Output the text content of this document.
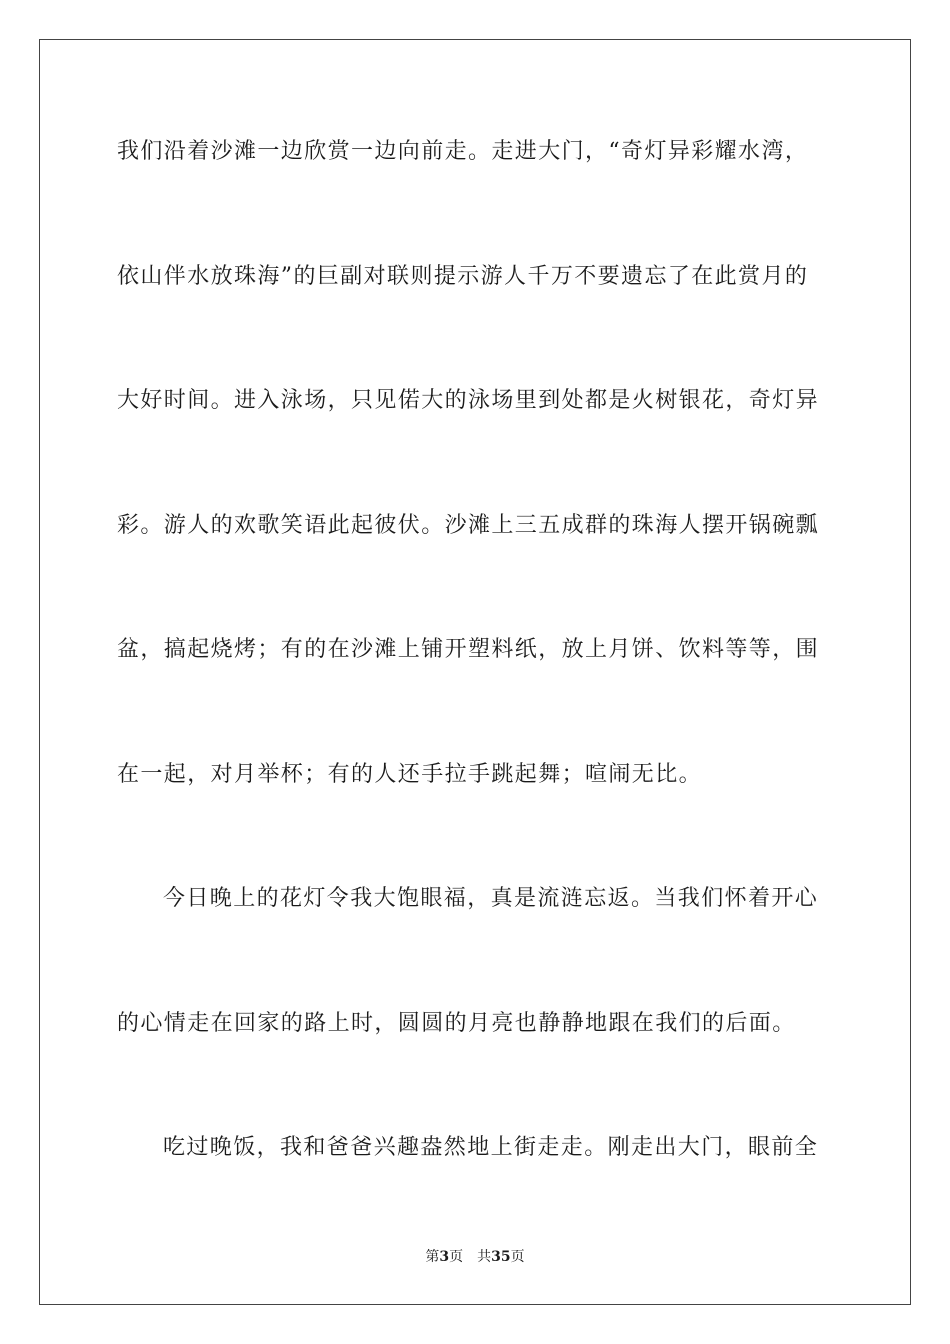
我们沿着沙滩一边欣赏一边向前走。走进大门，“奇灯异彩耀水湾，
依山伴水放珠海”的巨副对联则提示游人千万不要遗忘了在此赏月的
大好时间。进入泳场，只见偌大的泳场里到处都是火树银花，奇灯异
彩。游人的欢歌笑语此起彼伏。沙滩上三五成群的珠海人摆开锅碗瓢
盆，搞起烧烤；有的在沙滩上铺开塑料纸，放上月饼、饮料等等，围
在一起，对月举杯；有的人还手拉手跳起舞；喧闹无比。
今日晚上的花灯令我大饱眼福，真是流涟忘返。当我们怀着开心
的心情走在回家的路上时，圆圆的月亮也静静地跟在我们的后面。
吃过晚饭，我和爸爸兴趣盎然地上街走走。刚走出大门，眼前全
第3页 共35页
